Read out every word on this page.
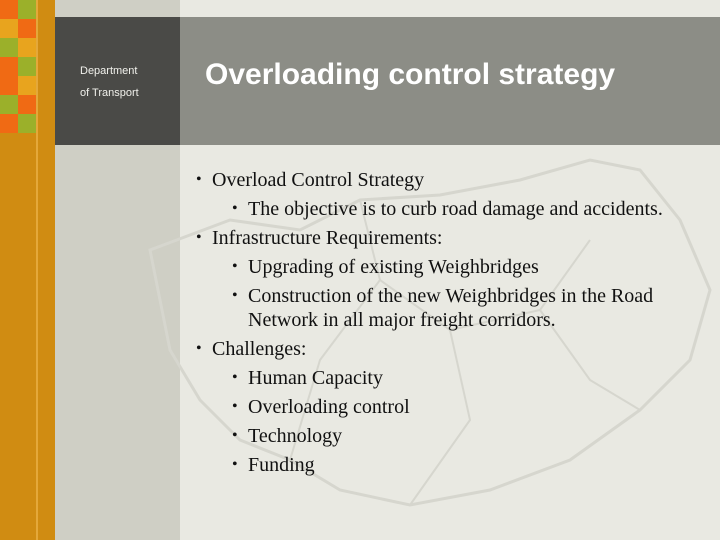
Department
of Transport
Overloading control strategy
• Overload Control Strategy
• The objective is to curb road damage and accidents.
• Infrastructure Requirements:
• Upgrading of existing Weighbridges
• Construction of the new Weighbridges in the Road
Network in all major freight corridors.
• Challenges:
• Human Capacity
• Overloading control
• Technology
• Funding
